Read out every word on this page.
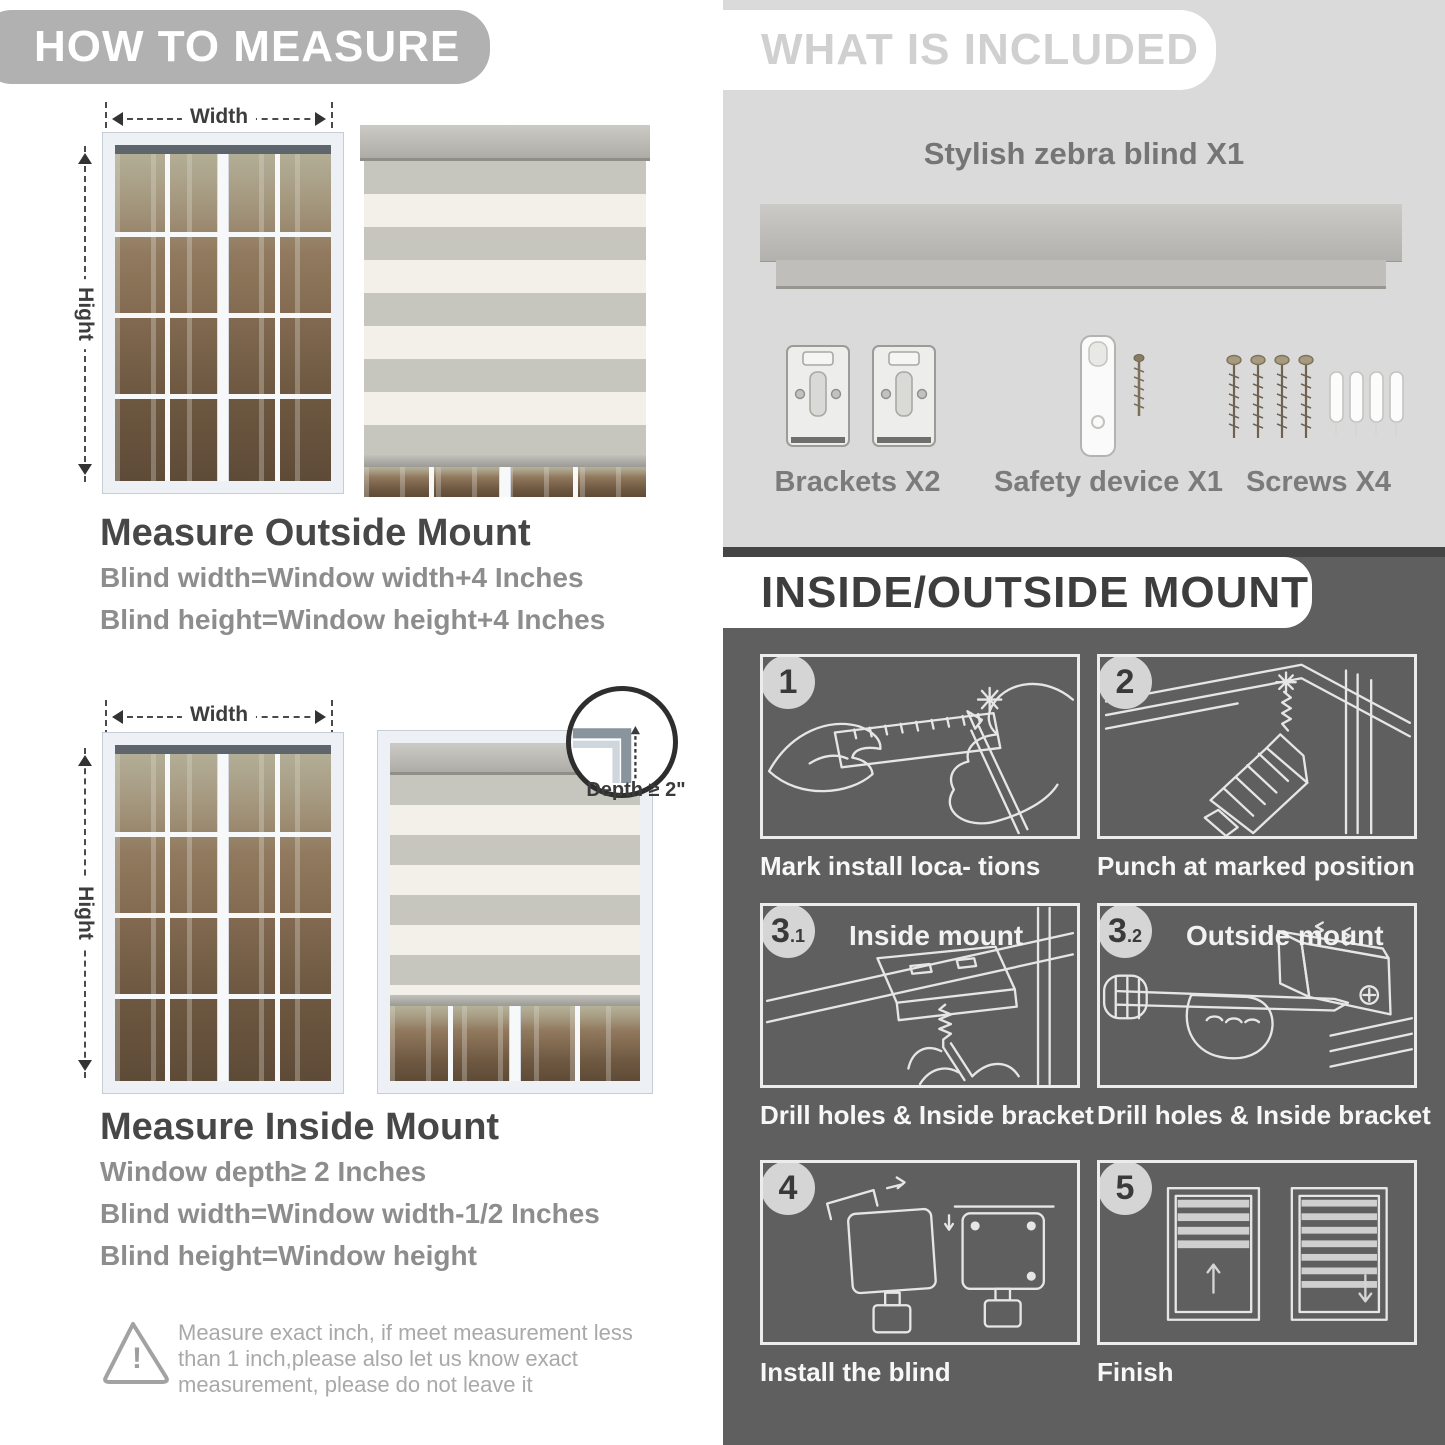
HOW TO MEASURE
Width
Hight
Measure Outside Mount
Blind width=Window width+4 Inches
Blind height=Window height+4 Inches
Width
Hight
Depth ≥ 2"
Measure Inside Mount
Window depth≥ 2 Inches
Blind width=Window width-1/2 Inches
Blind height=Window height
!
Measure exact inch, if meet measurement less
than 1 inch,please also let us know exact
measurement, please do not leave it
WHAT IS INCLUDED
Stylish zebra blind X1
Brackets X2	Safety device X1 Screws X4
INSIDE/OUTSIDE MOUNT
1
Mark install loca- tions
2
Punch at marked position
3 .1 Inside mount
Drill holes & Inside bracket
3 .2 Outside mount
Drill holes & Inside bracket
4
Install the blind
5
Finish
